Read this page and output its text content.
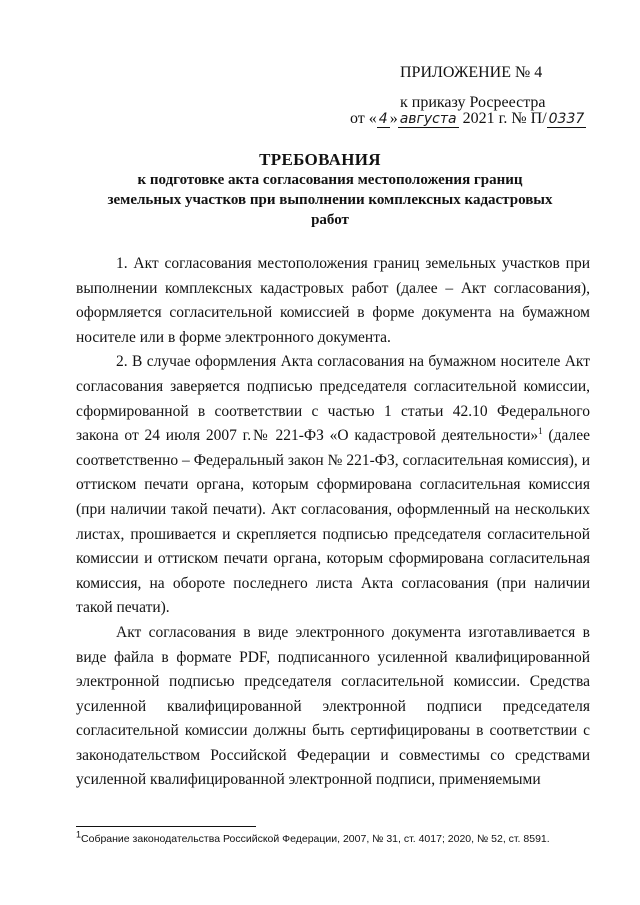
ПРИЛОЖЕНИЕ № 4
к приказу Росреестра
от « 4 » августа 2021 г. № П/ 0337
ТРЕБОВАНИЯ
к подготовке акта согласования местоположения границ земельных участков при выполнении комплексных кадастровых работ

1. Акт согласования местоположения границ земельных участков при выполнении комплексных кадастровых работ (далее – Акт согласования), оформляется согласительной комиссией в форме документа на бумажном носителе или в форме электронного документа.

2. В случае оформления Акта согласования на бумажном носителе Акт согласования заверяется подписью председателя согласительной комиссии, сформированной в соответствии с частью 1 статьи 42.10 Федерального закона от 24 июля 2007 г.№ 221-ФЗ «О кадастровой деятельности»$^1$ (далее соответственно – Федеральный закон № 221-ФЗ, согласительная комиссия), и оттиском печати органа, которым сформирована согласительная комиссия (при наличии такой печати). Акт согласования, оформленный на нескольких листах, прошивается и скрепляется подписью председателя согласительной комиссии и оттиском печати органа, которым сформирована согласительная комиссия, на обороте последнего листа Акта согласования (при наличии такой печати).

Акт согласования в виде электронного документа изготавливается в виде файла в формате PDF, подписанного усиленной квалифицированной электронной подписью председателя согласительной комиссии. Средства усиленной квалифицированной электронной подписи председателя согласительной комиссии должны быть сертифицированы в соответствии с законодательством Российской Федерации и совместимы со средствами усиленной квалифицированной электронной подписи, применяемыми

$^1$Собрание законодательства Российской Федерации, 2007, № 31, ст. 4017; 2020, № 52, ст. 8591.
